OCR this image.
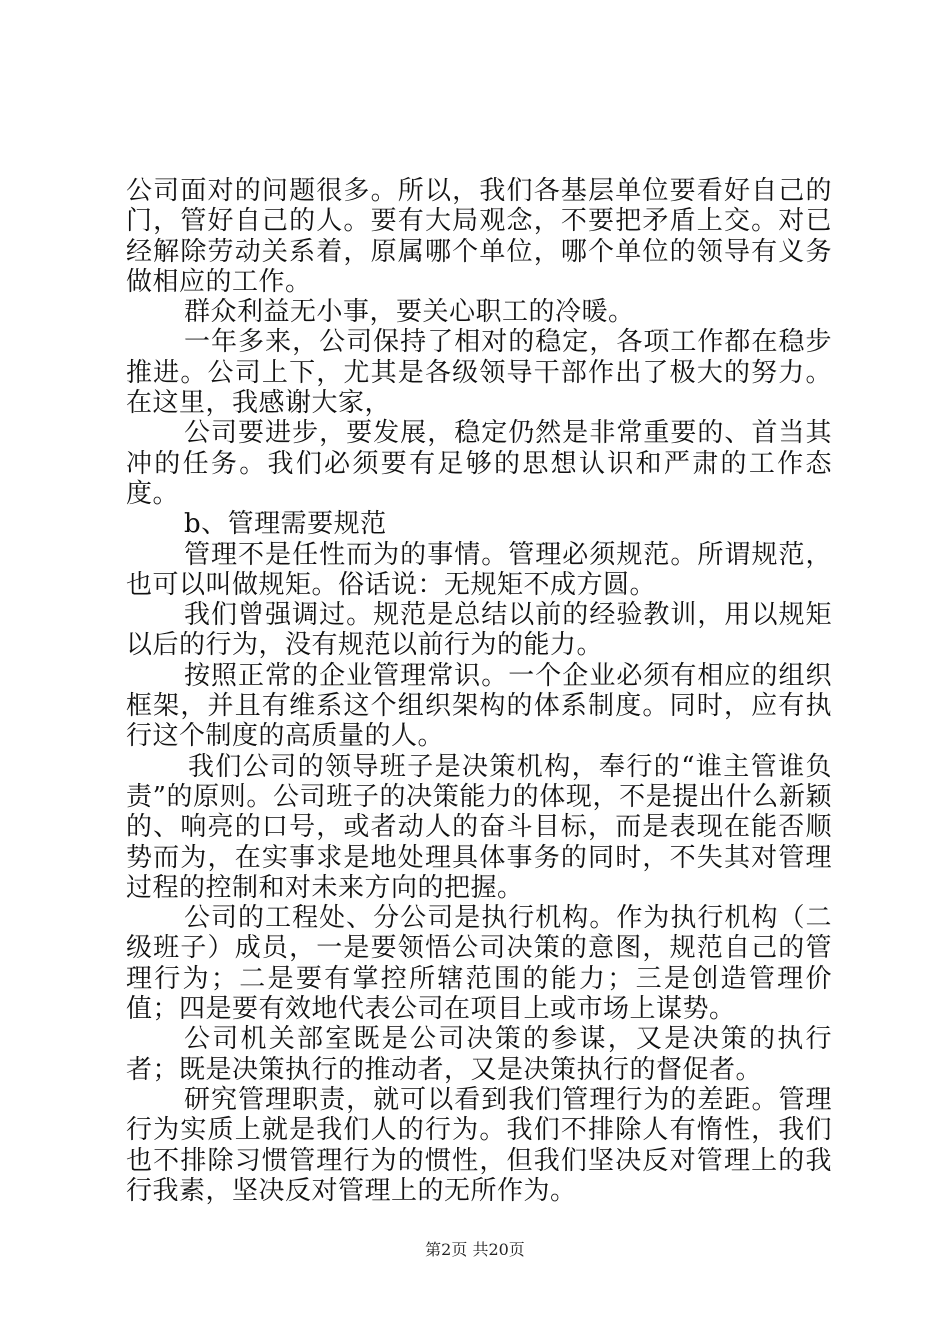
公司面对的问题很多。所以，我们各基层单位要看好自己的门，管好自己的人。要有大局观念，不要把矛盾上交。对已经解除劳动关系着，原属哪个单位，哪个单位的领导有义务做相应的工作。

群众利益无小事，要关心职工的冷暖。

一年多来，公司保持了相对的稳定，各项工作都在稳步推进。公司上下，尤其是各级领导干部作出了极大的努力。在这里，我感谢大家，

公司要进步，要发展，稳定仍然是非常重要的、首当其冲的任务。我们必须要有足够的思想认识和严肃的工作态度。

b、管理需要规范

管理不是任性而为的事情。管理必须规范。所谓规范，也可以叫做规矩。俗话说：无规矩不成方圆。

我们曾强调过。规范是总结以前的经验教训，用以规矩以后的行为，没有规范以前行为的能力。

按照正常的企业管理常识。一个企业必须有相应的组织框架，并且有维系这个组织架构的体系制度。同时，应有执行这个制度的高质量的人。

我们公司的领导班子是决策机构，奉行的“谁主管谁负责”的原则。公司班子的决策能力的体现，不是提出什么新颖的、响亮的口号，或者动人的奋斗目标，而是表现在能否顺势而为，在实事求是地处理具体事务的同时，不失其对管理过程的控制和对未来方向的把握。

公司的工程处、分公司是执行机构。作为执行机构（二级班子）成员，一是要领悟公司决策的意图，规范自己的管理行为；二是要有掌控所辖范围的能力；三是创造管理价值；四是要有效地代表公司在项目上或市场上谋势。

公司机关部室既是公司决策的参谋，又是决策的执行者；既是决策执行的推动者，又是决策执行的督促者。

研究管理职责，就可以看到我们管理行为的差距。管理行为实质上就是我们人的行为。我们不排除人有惰性，我们也不排除习惯管理行为的惯性，但我们坚决反对管理上的我行我素，坚决反对管理上的无所作为。

第2页 共20页
